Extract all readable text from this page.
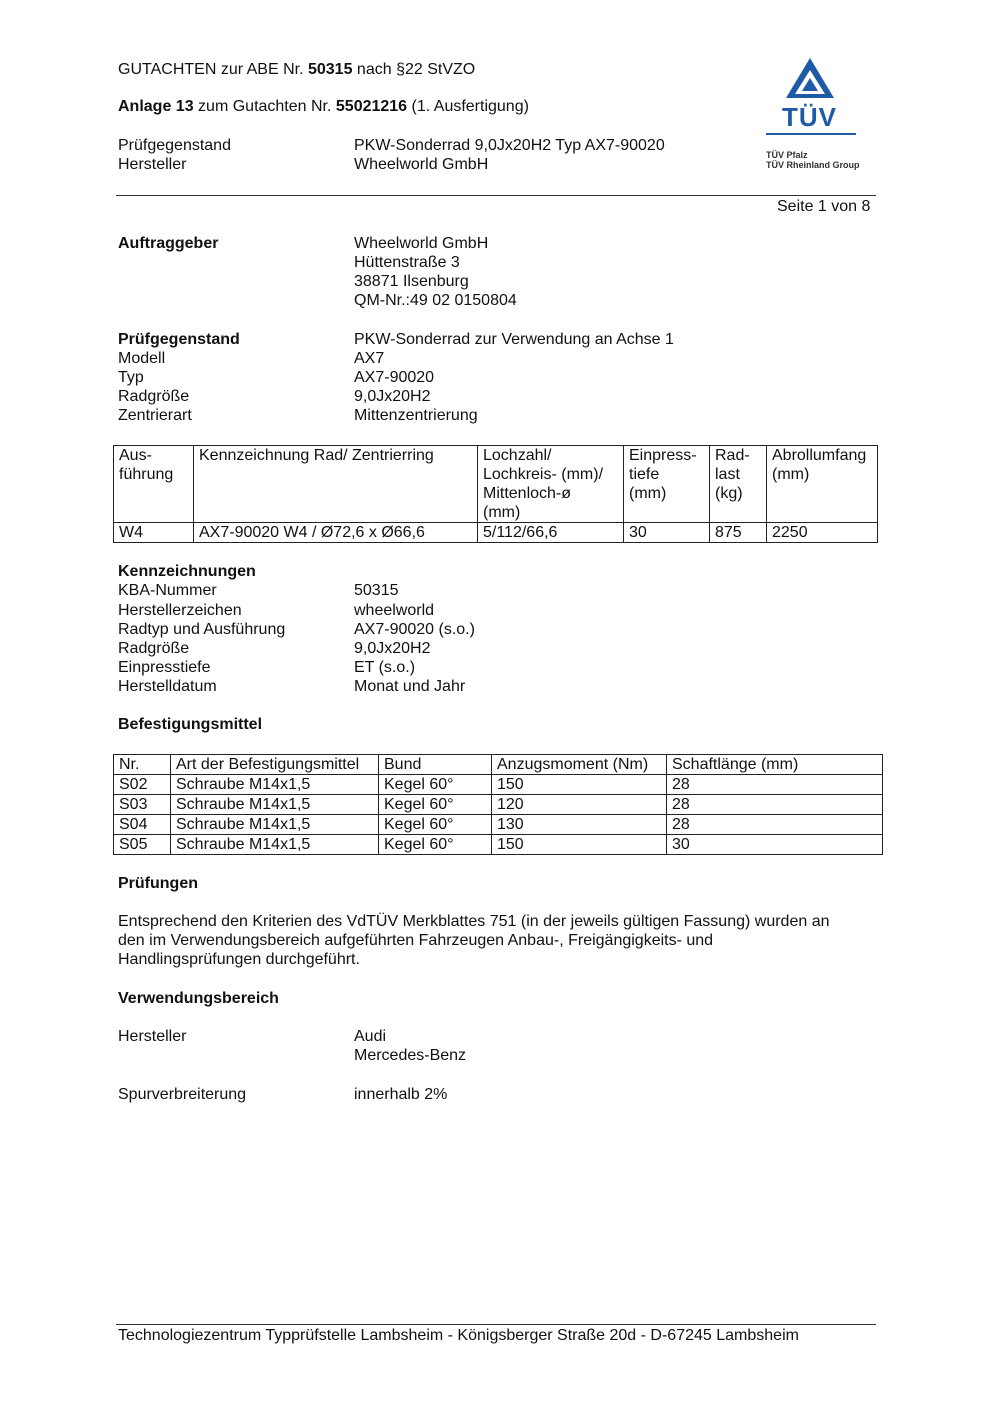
GUTACHTEN zur ABE Nr. 50315 nach §22 StVZO
Anlage 13 zum Gutachten Nr. 55021216 (1. Ausfertigung)
Prüfgegenstand	PKW-Sonderrad 9,0Jx20H2 Typ AX7-90020
Hersteller	Wheelworld GmbH
TÜV
TÜV Pfalz
TÜV Rheinland Group
Seite 1 von 8
Auftraggeber	Wheelworld GmbH
Hüttenstraße 3
38871 Ilsenburg
QM-Nr.:49 02 0150804
Prüfgegenstand	PKW-Sonderrad zur Verwendung an Achse 1
Modell	AX7
Typ	AX7-90020
Radgröße	9,0Jx20H2
Zentrierart	Mittenzentrierung
Aus-
führung	Kennzeichnung Rad/ Zentrierring	Lochzahl/
Lochkreis- (mm)/
Mittenloch-ø
(mm)	Einpress-
tiefe
(mm)	Rad-
last
(kg)	Abrollumfang
(mm)
W4	AX7-90020 W4 / Ø72,6 x Ø66,6	5/112/66,6	30	875	2250
Kennzeichnungen
KBA-Nummer	50315
Herstellerzeichen	wheelworld
Radtyp und Ausführung	AX7-90020 (s.o.)
Radgröße	9,0Jx20H2
Einpresstiefe	ET (s.o.)
Herstelldatum	Monat und Jahr
Befestigungsmittel
Nr.	Art der Befestigungsmittel	Bund	Anzugsmoment (Nm)	Schaftlänge (mm)
S02	Schraube M14x1,5	Kegel 60°	150	28
S03	Schraube M14x1,5	Kegel 60°	120	28
S04	Schraube M14x1,5	Kegel 60°	130	28
S05	Schraube M14x1,5	Kegel 60°	150	30
Prüfungen
Entsprechend den Kriterien des VdTÜV Merkblattes 751 (in der jeweils gültigen Fassung) wurden an
den im Verwendungsbereich aufgeführten Fahrzeugen Anbau-, Freigängigkeits- und
Handlingsprüfungen durchgeführt.
Verwendungsbereich
Hersteller	Audi
Mercedes-Benz
Spurverbreiterung	innerhalb 2%
Technologiezentrum Typprüfstelle Lambsheim - Königsberger Straße 20d - D-67245 Lambsheim
